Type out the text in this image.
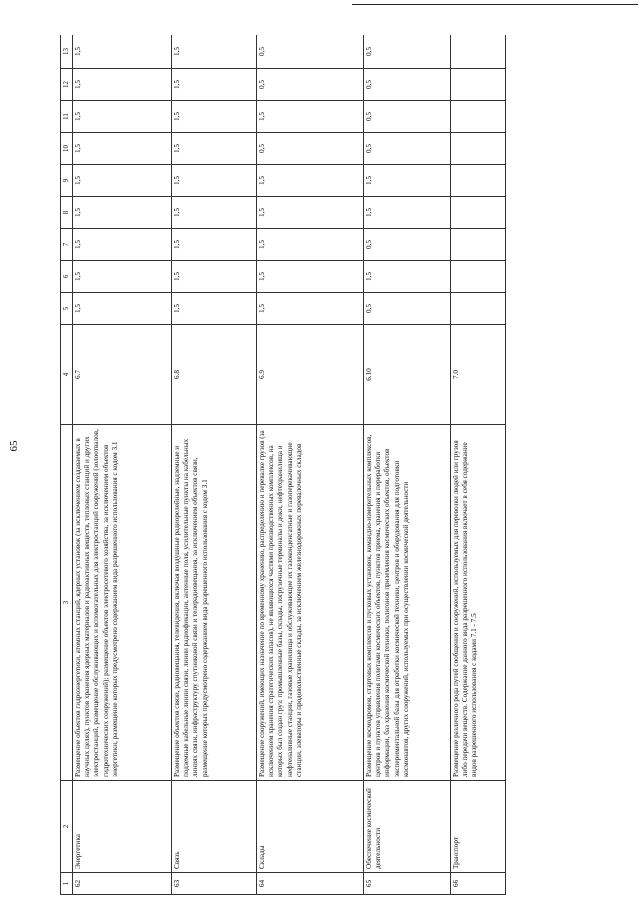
65
1	2	3	4	5	6	7	8	9	10	11	12	13
62	Энергетика	Размещение объектов гидроэнергетики, атомных станций, ядерных установок (за исключением создаваемых в научных целях), пунктов хранения ядерных материалов и радиоактивных веществ, тепловых станций и других электростанций, размещение обслуживающих и вспомогательных для электростанций сооружений (золоотвалов, гидротехнических сооружений); размещение объектов электросетевого хозяйства, за исключением объектов энергетики, размещение которых предусмотрено содержанием вида разрешенного использования с кодом 3.1	6.7	1,5	1,5	1,5	1,5	1,5	1,5	1,5	1,5	1,5
63	Связь	Размещение объектов связи, радиовещания, телевидения, включая воздушные радиорелейные, надземные и подземные кабельные линии связи, линии радиофикации, антенные поля, усилительные пункты на кабельных линиях связи, инфраструктуру спутниковой связи и телерадиовещания, за исключением объектов связи, размещение которых предусмотрено содержанием вида разрешенного использования с кодом 3.1	6.8	1,5	1,5	1,5	1,5	1,5	1,5	1,5	1,5	1,5
64	Склады	Размещение сооружений, имеющих назначение по временному хранению, распределению и перевалке грузов (за исключением хранения стратегических запасов), не являющихся частями производственных комплексов, на которых был создан груз: промышленные базы, склады, погрузочные терминалы и доки, нефтехранилища и нефтеналивные станции, газовые хранилища и обслуживающие их газоконденсатные и газоперекачивающие станции, элеваторы и продовольственные склады, за исключением железнодорожных перевалочных складов	6.9	1,5	1,5	1,5	1,5	1,5	0,5	1,5	0,5	0,5
65	Обеспечение космической деятельности	Размещение космодромов, стартовых комплексов и пусковых установок, командно-измерительных комплексов, центров и пунктов управления полетами космических объектов, пунктов приема, хранения и переработки информации, баз хранения космической техники, полигонов приземления космических объектов, объектов экспериментальной базы для отработки космической техники, центров и оборудования для подготовки космонавтов, других сооружений, используемых при осуществлении космической деятельности	6.10	0,5	1,5	0,5	1,5	1,5	0,5	0,5	0,5	0,5
66	Транспорт	Размещение различного рода путей сообщения и сооружений, используемых для перевозки людей или грузов либо передачи веществ. Содержание данного вида разрешенного использования включает в себя содержание видов разрешенного использования с кодами 7.1 - 7.5	7.0									
